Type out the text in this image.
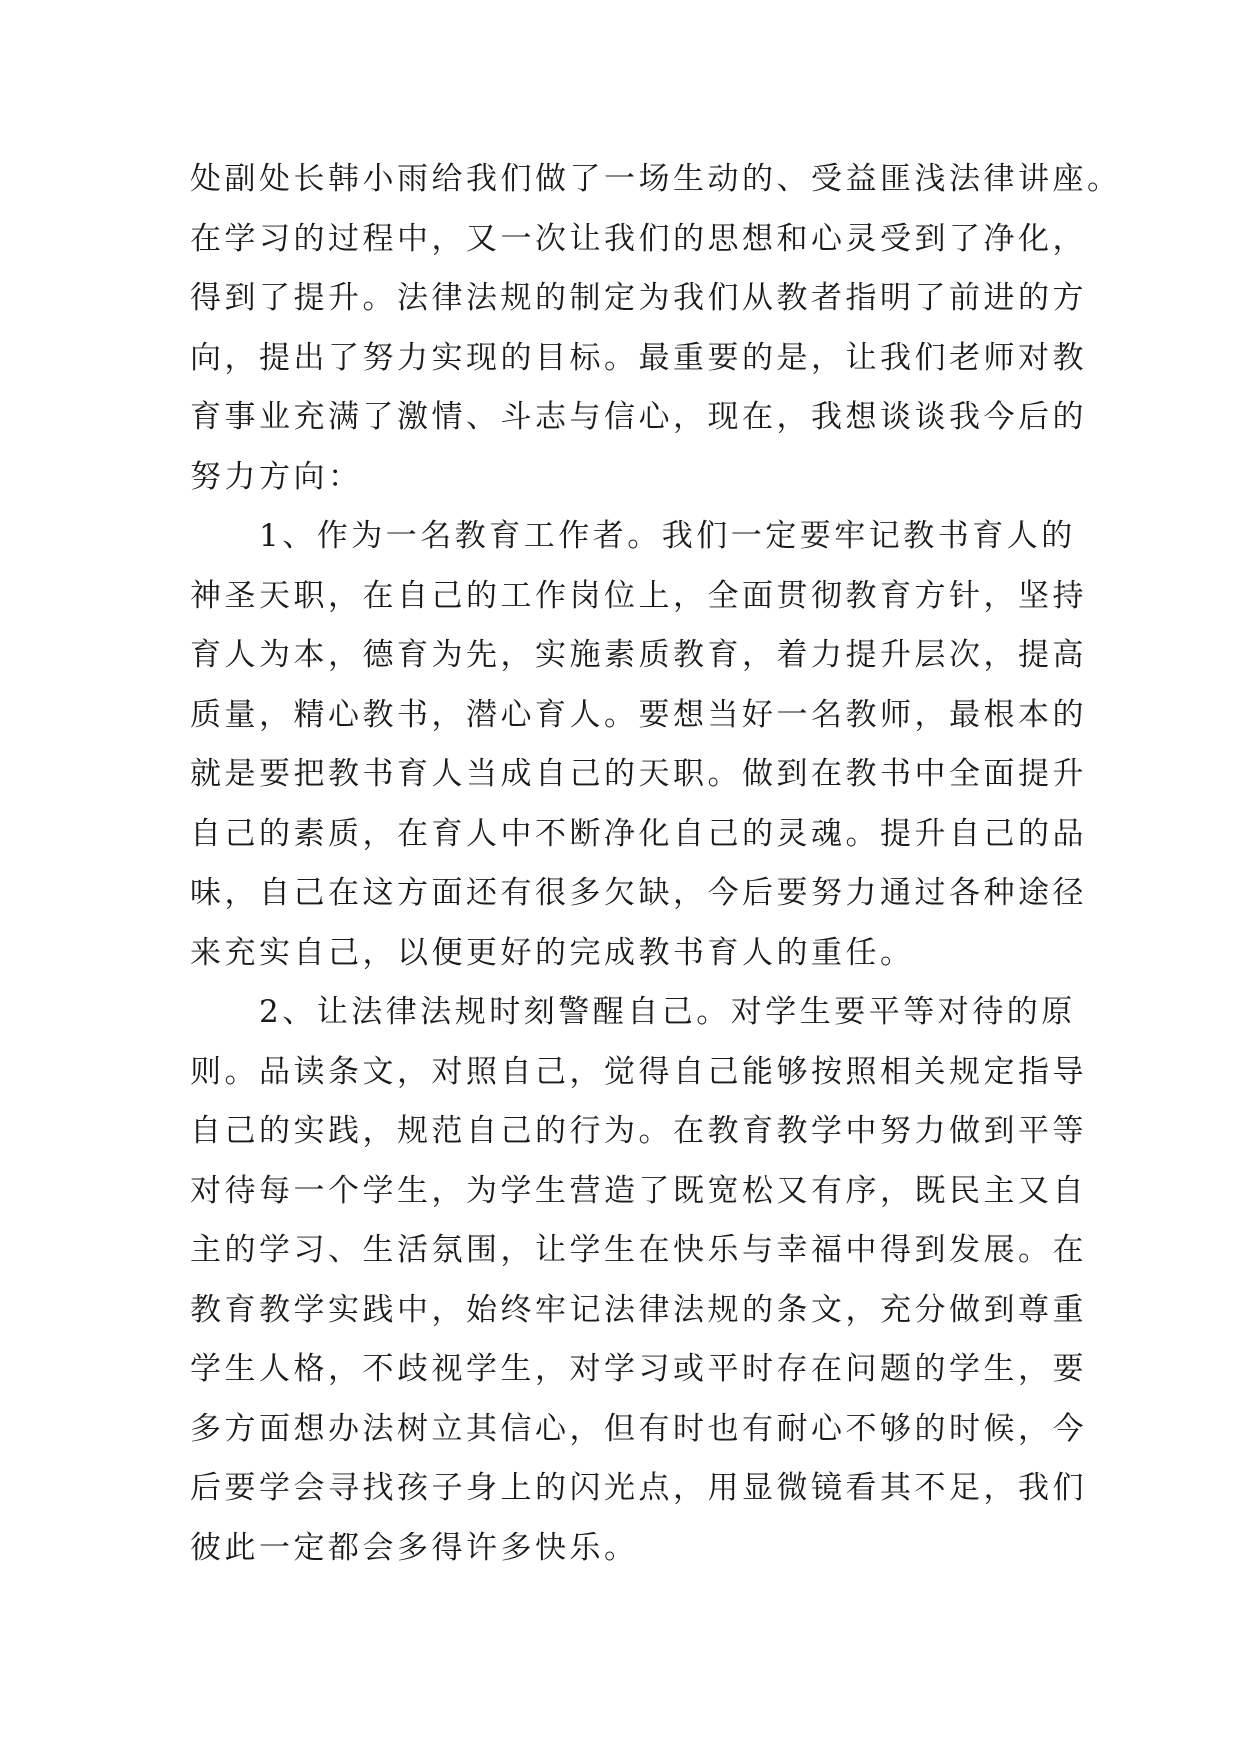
处副处长韩小雨给我们做了一场生动的、受益匪浅法律讲座。
在学习的过程中，又一次让我们的思想和心灵受到了净化，
得到了提升。法律法规的制定为我们从教者指明了前进的方
向，提出了努力实现的目标。最重要的是，让我们老师对教
育事业充满了激情、斗志与信心，现在，我想谈谈我今后的
努力方向：
　　1、作为一名教育工作者。我们一定要牢记教书育人的
神圣天职，在自己的工作岗位上，全面贯彻教育方针，坚持
育人为本，德育为先，实施素质教育，着力提升层次，提高
质量，精心教书，潜心育人。要想当好一名教师，最根本的
就是要把教书育人当成自己的天职。做到在教书中全面提升
自己的素质，在育人中不断净化自己的灵魂。提升自己的品
味，自己在这方面还有很多欠缺，今后要努力通过各种途径
来充实自己，以便更好的完成教书育人的重任。
　　2、让法律法规时刻警醒自己。对学生要平等对待的原
则。品读条文，对照自己，觉得自己能够按照相关规定指导
自己的实践，规范自己的行为。在教育教学中努力做到平等
对待每一个学生，为学生营造了既宽松又有序，既民主又自
主的学习、生活氛围，让学生在快乐与幸福中得到发展。在
教育教学实践中，始终牢记法律法规的条文，充分做到尊重
学生人格，不歧视学生，对学习或平时存在问题的学生，要
多方面想办法树立其信心，但有时也有耐心不够的时候，今
后要学会寻找孩子身上的闪光点，用显微镜看其不足，我们
彼此一定都会多得许多快乐。
